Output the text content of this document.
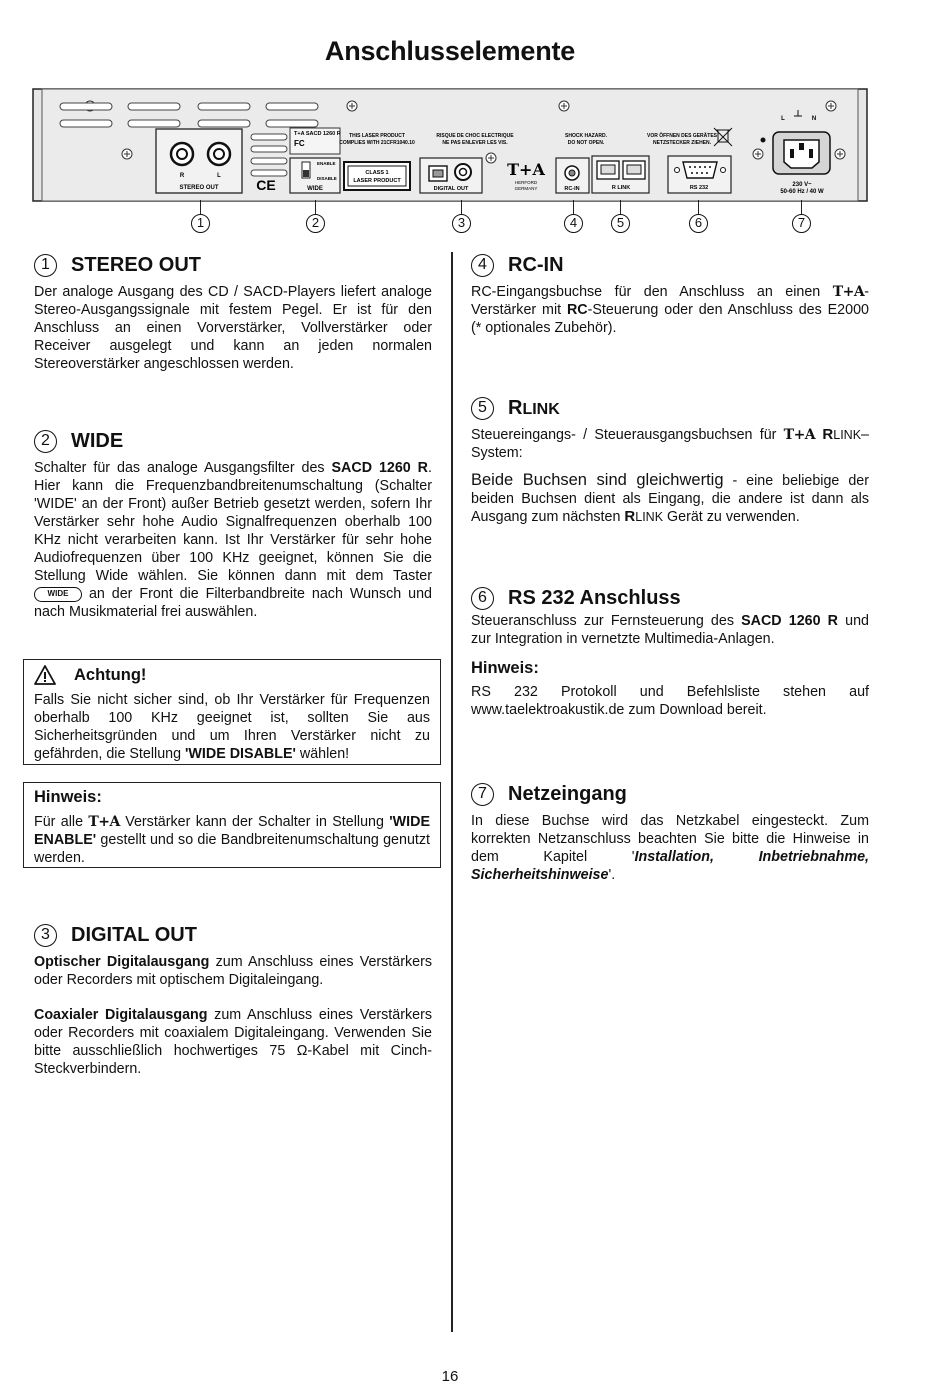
Anschlusselemente
R	L
STEREO OUT	CE
T+A SACD 1260 R
FC
ENABLE
DISABLE
WIDE
THIS LASER PRODUCT
COMPLIES WITH 21CFR1040.10
CLASS 1
LASER PRODUCT
RISQUE DE CHOC ELECTRIQUE
NE PAS ENLEVER LES VIS.
DIGITAL OUT
T+A
HERFORD
GERMANY
SHOCK HAZARD.
DO NOT OPEN.
RC-IN	R LINK
VOR ÖFFNEN DES GERÄTES
NETZSTECKER ZIEHEN.
RS 232
L	N
230 V~
50-60 Hz / 40 W
1	2	3	4	5	6	7
1	STEREO OUT

Der analoge Ausgang des CD / SACD-Players liefert analoge Stereo-Ausgangssignale mit festem Pegel. Er ist für den Anschluss an einen Vorverstärker, Vollverstärker oder Receiver ausgelegt und kann an jeden normalen Stereoverstärker angeschlossen werden.

2	WIDE

Schalter für das analoge Ausgangsfilter des SACD 1260 R. Hier kann die Frequenzbandbreitenumschaltung (Schalter 'WIDE' an der Front) außer Betrieb gesetzt werden, sofern Ihr Verstärker sehr hohe Audio Signalfrequenzen oberhalb 100 KHz nicht verarbeiten kann. Ist Ihr Verstärker für sehr hohe Audiofrequenzen über 100 KHz geeignet, können Sie die Stellung Wide wählen. Sie können dann mit dem Taster WIDE an der Front die Filterbandbreite nach Wunsch und nach Musikmaterial frei auswählen.

Achtung!

Falls Sie nicht sicher sind, ob Ihr Verstärker für Frequenzen oberhalb 100 KHz geeignet ist, sollten Sie aus Sicherheitsgründen und um Ihren Verstärker nicht zu gefährden, die Stellung 'WIDE DISABLE' wählen!

Hinweis:

Für alle T+A Verstärker kann der Schalter in Stellung 'WIDE ENABLE' gestellt und so die Bandbreitenumschaltung genutzt werden.

3	DIGITAL OUT

Optischer Digitalausgang zum Anschluss eines Verstärkers oder Recorders mit optischem Digitaleingang.

Coaxialer Digitalausgang zum Anschluss eines Verstärkers oder Recorders mit coaxialem Digitaleingang. Verwenden Sie bitte ausschließlich hochwertiges 75 Ω-Kabel mit Cinch-Steckverbindern.

4	RC-IN

RC-Eingangsbuchse für den Anschluss an einen T+A-Verstärker mit RC-Steuerung oder den Anschluss des E2000 (* optionales Zubehör).

5	RLINK

Steuereingangs- / Steuerausgangsbuchsen für T+A RLINK–System:

Beide Buchsen sind gleichwertig - eine beliebige der beiden Buchsen dient als Eingang, die andere ist dann als Ausgang zum nächsten RLINK Gerät zu verwenden.

6	RS 232 Anschluss

Steueranschluss zur Fernsteuerung des SACD 1260 R und zur Integration in vernetzte Multimedia-Anlagen.

Hinweis:

RS 232 Protokoll und Befehlsliste stehen auf www.taelektroakustik.de zum Download bereit.

7	Netzeingang

In diese Buchse wird das Netzkabel eingesteckt. Zum korrekten Netzanschluss beachten Sie bitte die Hinweise in dem Kapitel 'Installation, Inbetriebnahme, Sicherheitshinweise'.

16
